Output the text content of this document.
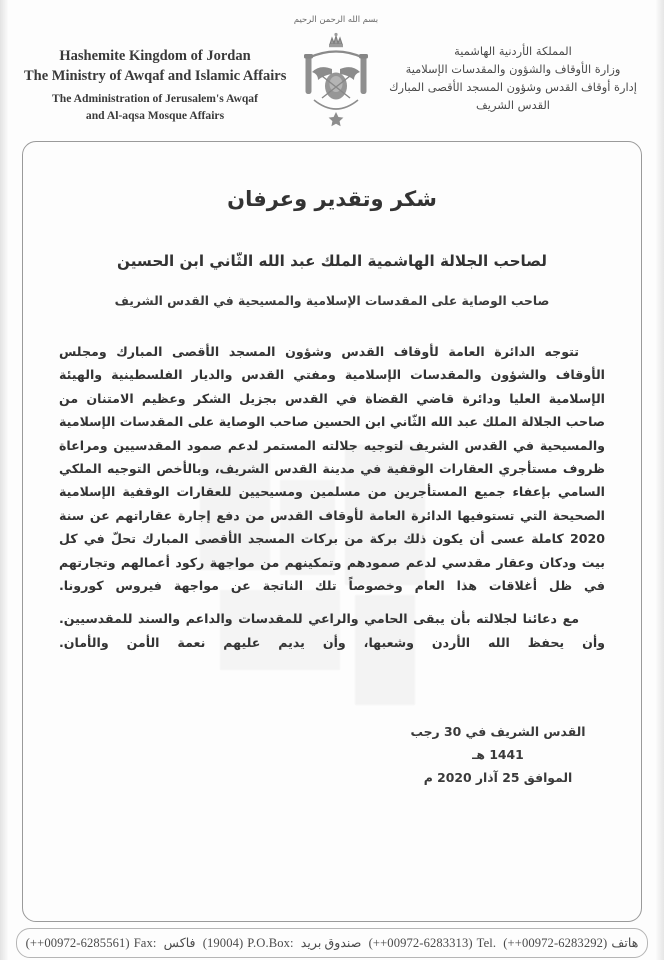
Hashemite Kingdom of Jordan
The Ministry of Awqaf and Islamic Affairs
The Administration of Jerusalem's Awqaf
and Al-aqsa Mosque Affairs
المملكة الأردنية الهاشمية
وزارة الأوقاف والشؤون والمقدسات الإسلامية
إدارة أوقاف القدس وشؤون المسجد الأقصى المبارك
القدس الشريف
بسم الله الرحمن الرحيم
شكر وتقدير وعرفان
لصاحب الجلالة الهاشمية الملك عبد الله الثّاني ابن الحسين
صاحب الوصاية على المقدسات الإسلامية والمسيحية في القدس الشريف

تتوجه الدائرة العامة لأوقاف القدس وشؤون المسجد الأقصى المبارك ومجلس الأوقاف والشؤون والمقدسات الإسلامية ومفتي القدس والديار الفلسطينية والهيئة الإسلامية العليا ودائرة قاضي القضاة في القدس بجزيل الشكر وعظيم الامتنان من صاحب الجلالة الملك عبد الله الثّاني ابن الحسين صاحب الوصاية على المقدسات الإسلامية والمسيحية في القدس الشريف لتوجيه جلالته المستمر لدعم صمود المقدسيين ومراعاة ظروف مستأجري العقارات الوقفية في مدينة القدس الشريف، وبالأخص التوجيه الملكي السامي بإعفاء جميع المستأجرين من مسلمين ومسيحيين للعقارات الوقفية الإسلامية الصحيحة التي تستوفيها الدائرة العامة لأوقاف القدس من دفع إجارة عقاراتهم عن سنة 2020 كاملة عسى أن يكون ذلك بركة من بركات المسجد الأقصى المبارك تحلّ في كل بيت ودكان وعقار مقدسي لدعم صمودهم وتمكينهم من مواجهة ركود أعمالهم وتجارتهم في ظل أغلاقات هذا العام وخصوصاً تلك الناتجة عن مواجهة فيروس كورونا.

مع دعائنا لجلالته بأن يبقى الحامي والراعي للمقدسات والداعم والسند للمقدسيين. وأن يحفظ الله الأردن وشعبها، وأن يديم عليهم نعمة الأمن والأمان.

القدس الشريف في 30 رجب 1441 هـ
الموافق 25 آذار 2020 م
هاتف(++00972-6283292) Tel.(++00972-6283313) صندوق بريد P.O.Box:(19004) فاكس Fax:(++00972-6285561)
